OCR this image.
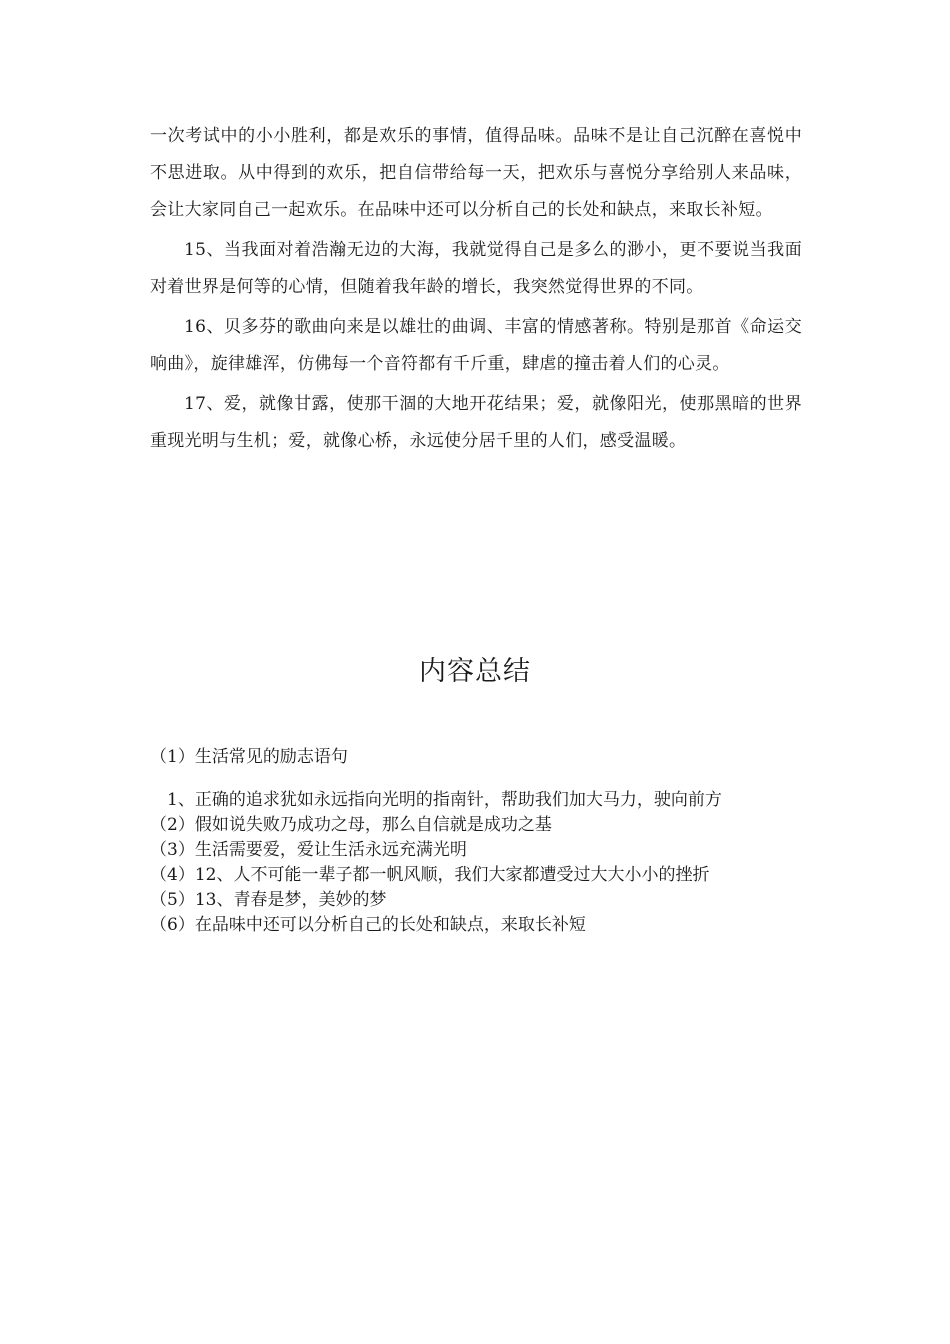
一次考试中的小小胜利，都是欢乐的事情，值得品味。品味不是让自己沉醉在喜悦中不思进取。从中得到的欢乐，把自信带给每一天，把欢乐与喜悦分享给别人来品味，会让大家同自己一起欢乐。在品味中还可以分析自己的长处和缺点，来取长补短。

15、当我面对着浩瀚无边的大海，我就觉得自己是多么的渺小，更不要说当我面对着世界是何等的心情，但随着我年龄的增长，我突然觉得世界的不同。

16、贝多芬的歌曲向来是以雄壮的曲调、丰富的情感著称。特别是那首《命运交响曲》，旋律雄浑，仿佛每一个音符都有千斤重，肆虐的撞击着人们的心灵。

17、爱，就像甘露，使那干涸的大地开花结果；爱，就像阳光，使那黑暗的世界重现光明与生机；爱，就像心桥，永远使分居千里的人们，感受温暖。

内容总结

（1）生活常见的励志语句

1、正确的追求犹如永远指向光明的指南针，帮助我们加大马力，驶向前方

（2）假如说失败乃成功之母，那么自信就是成功之基

（3）生活需要爱，爱让生活永远充满光明

（4）12、人不可能一辈子都一帆风顺，我们大家都遭受过大大小小的挫折

（5）13、青春是梦，美妙的梦

（6）在品味中还可以分析自己的长处和缺点，来取长补短
